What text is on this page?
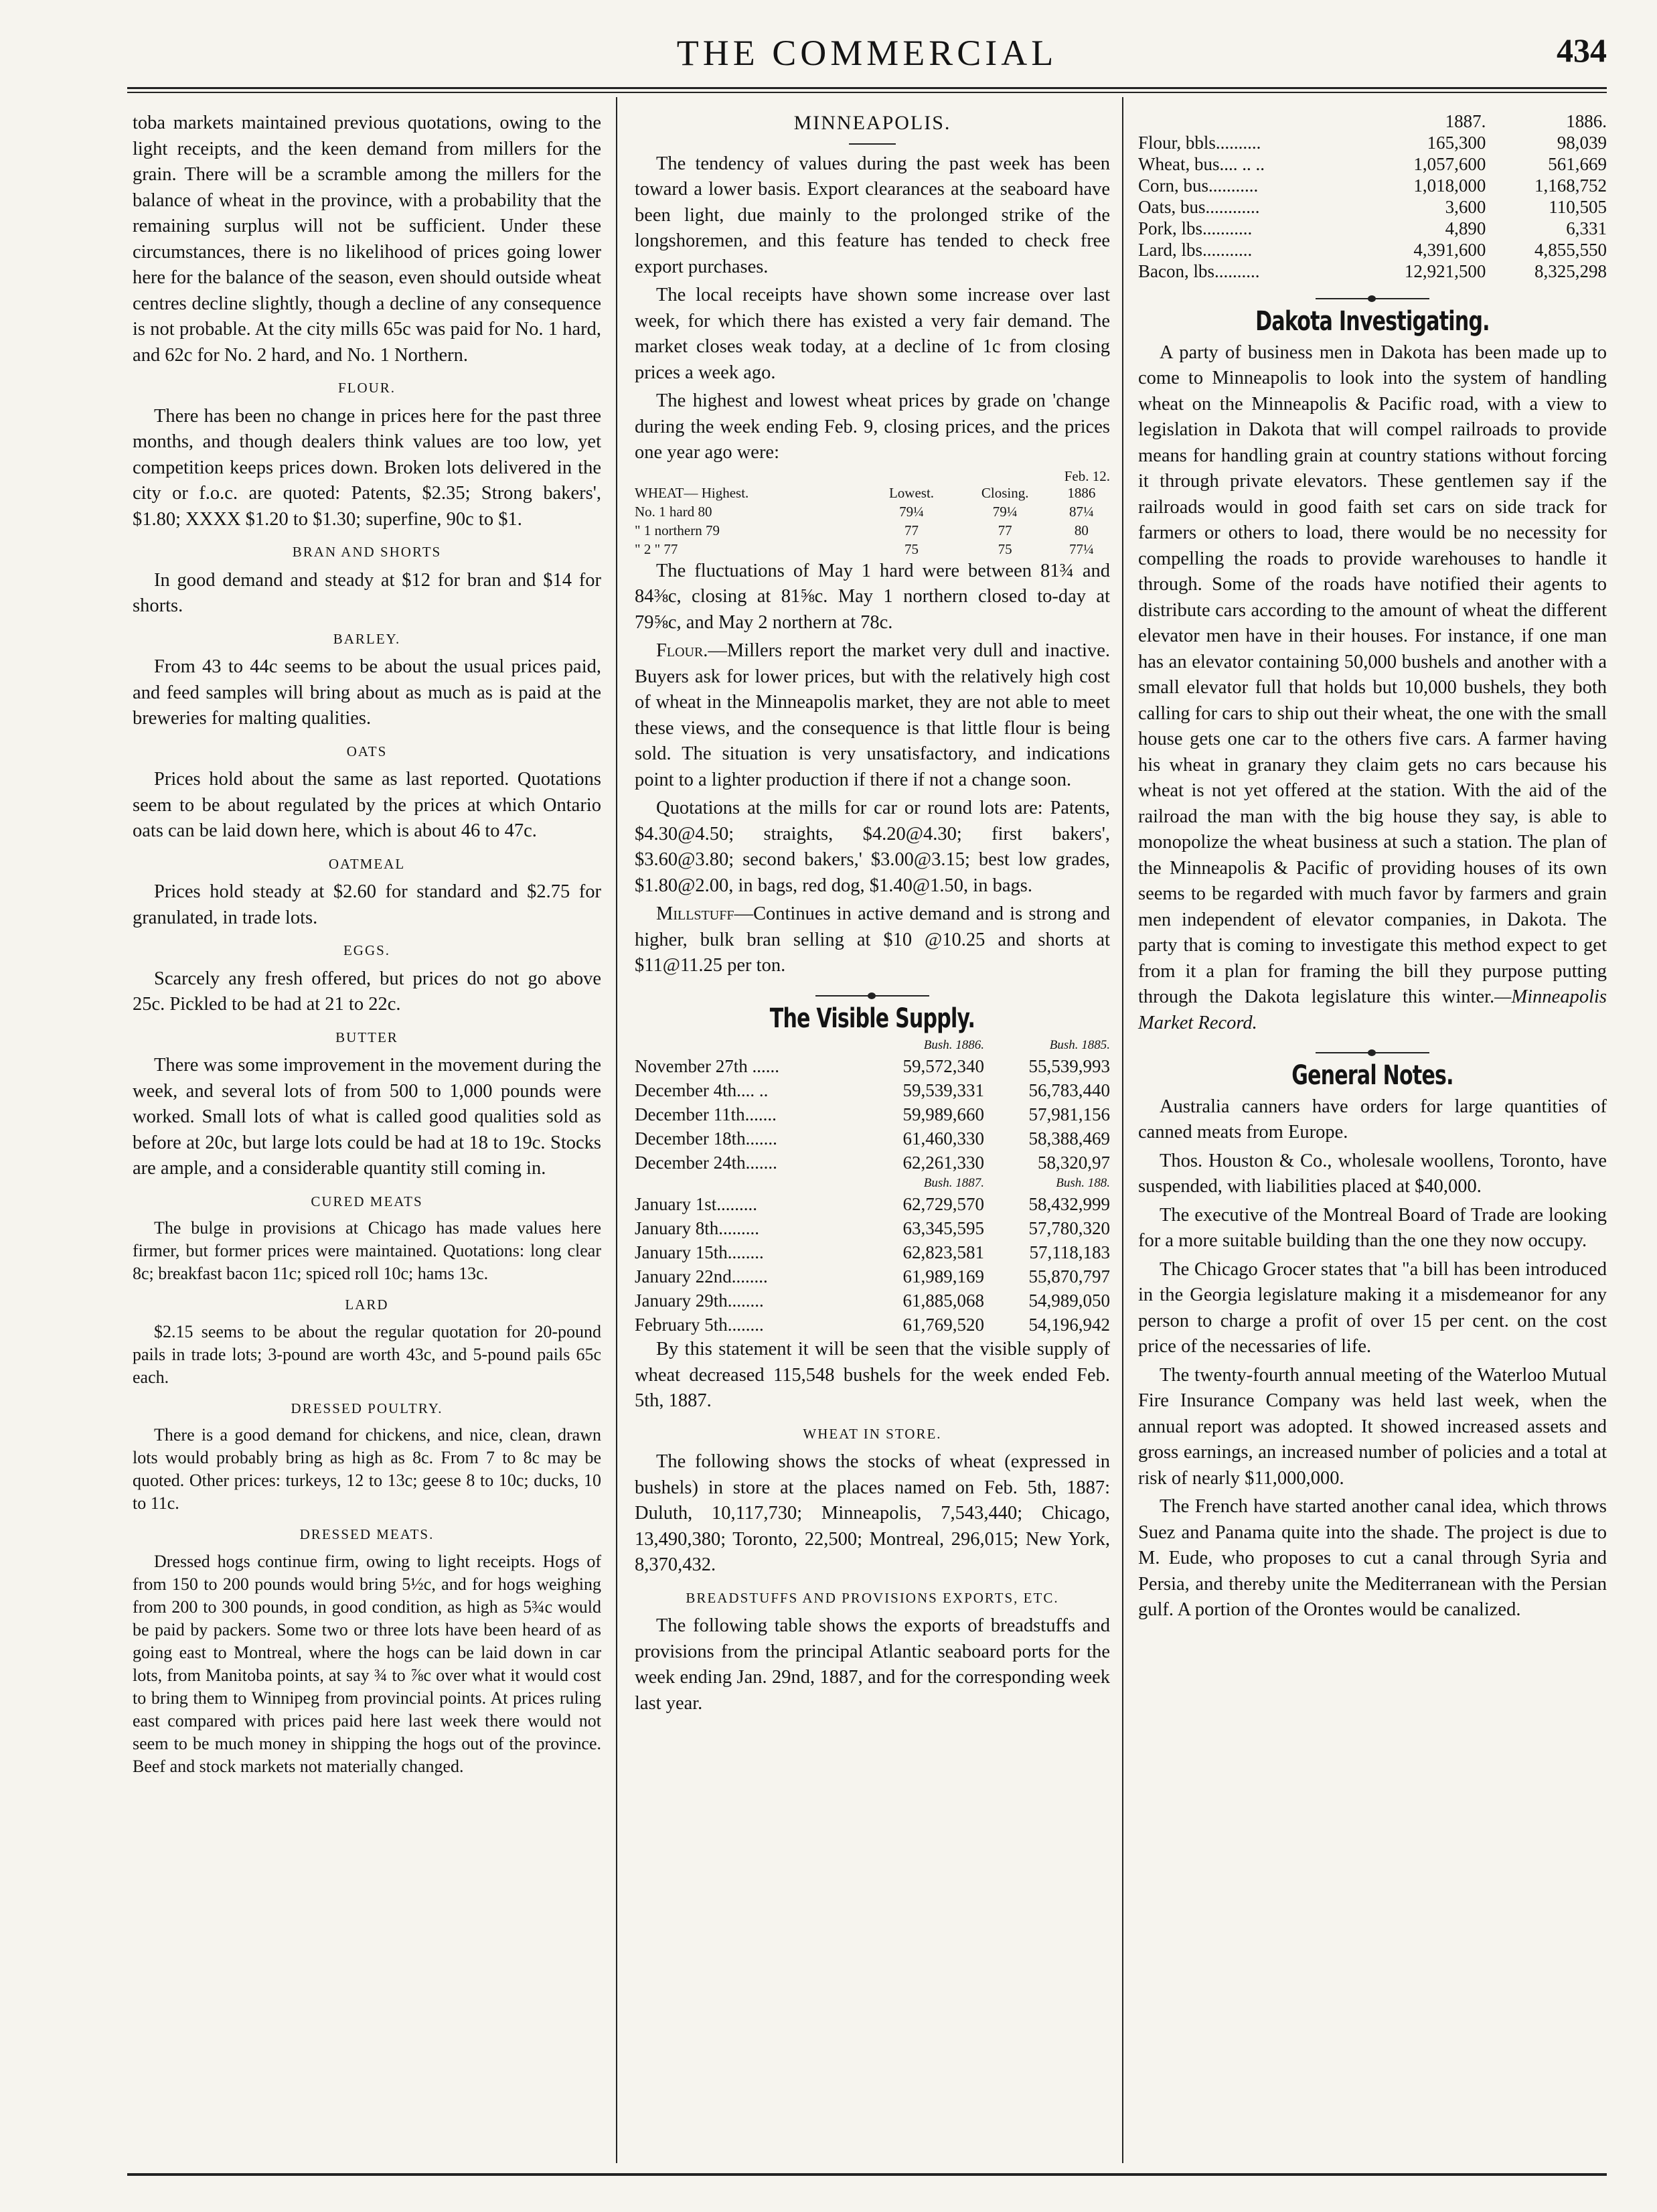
THE COMMERCIAL	434

toba markets maintained previous quotations, owing to the light receipts, and the keen demand from millers for the grain. There will be a scramble among the millers for the balance of wheat in the province, with a probability that the remaining surplus will not be sufficient. Under these circumstances, there is no likelihood of prices going lower here for the balance of the season, even should outside wheat centres decline slightly, though a decline of any consequence is not probable. At the city mills 65c was paid for No. 1 hard, and 62c for No. 2 hard, and No. 1 Northern.

FLOUR.

There has been no change in prices here for the past three months, and though dealers think values are too low, yet competition keeps prices down. Broken lots delivered in the city or f.o.c. are quoted: Patents, $2.35; Strong bakers', $1.80; XXXX $1.20 to $1.30; superfine, 90c to $1.

BRAN AND SHORTS

In good demand and steady at $12 for bran and $14 for shorts.

BARLEY.

From 43 to 44c seems to be about the usual prices paid, and feed samples will bring about as much as is paid at the breweries for malting qualities.

OATS

Prices hold about the same as last reported. Quotations seem to be about regulated by the prices at which Ontario oats can be laid down here, which is about 46 to 47c.

OATMEAL

Prices hold steady at $2.60 for standard and $2.75 for granulated, in trade lots.

EGGS.

Scarcely any fresh offered, but prices do not go above 25c. Pickled to be had at 21 to 22c.

BUTTER

There was some improvement in the movement during the week, and several lots of from 500 to 1,000 pounds were worked. Small lots of what is called good qualities sold as before at 20c, but large lots could be had at 18 to 19c. Stocks are ample, and a considerable quantity still coming in.

CURED MEATS

The bulge in provisions at Chicago has made values here firmer, but former prices were maintained. Quotations: long clear 8c; breakfast bacon 11c; spiced roll 10c; hams 13c.

LARD

$2.15 seems to be about the regular quotation for 20-pound pails in trade lots; 3-pound are worth 43c, and 5-pound pails 65c each.

DRESSED POULTRY.

There is a good demand for chickens, and nice, clean, drawn lots would probably bring as high as 8c. From 7 to 8c may be quoted. Other prices: turkeys, 12 to 13c; geese 8 to 10c; ducks, 10 to 11c.

DRESSED MEATS.

Dressed hogs continue firm, owing to light receipts. Hogs of from 150 to 200 pounds would bring 5½c, and for hogs weighing from 200 to 300 pounds, in good condition, as high as 5¾c would be paid by packers. Some two or three lots have been heard of as going east to Montreal, where the hogs can be laid down in car lots, from Manitoba points, at say ¾ to ⅞c over what it would cost to bring them to Winnipeg from provincial points. At prices ruling east compared with prices paid here last week there would not seem to be much money in shipping the hogs out of the province. Beef and stock markets not materially changed.

MINNEAPOLIS.

The tendency of values during the past week has been toward a lower basis. Export clearances at the seaboard have been light, due mainly to the prolonged strike of the longshoremen, and this feature has tended to check free export purchases.

The local receipts have shown some increase over last week, for which there has existed a very fair demand. The market closes weak today, at a decline of 1c from closing prices a week ago.

The highest and lowest wheat prices by grade on 'change during the week ending Feb. 9, closing prices, and the prices one year ago were:

Feb. 12.
WHEAT— Highest.	Lowest.	Closing.	1886
No. 1 hard 80	79¼	79¼	87¼
" 1 northern 79	77	77	80
" 2 " 77	75	75	77¼

The fluctuations of May 1 hard were between 81¾ and 84⅜c, closing at 81⅝c. May 1 northern closed to-day at 79⅝c, and May 2 northern at 78c.

Flour.—Millers report the market very dull and inactive. Buyers ask for lower prices, but with the relatively high cost of wheat in the Minneapolis market, they are not able to meet these views, and the consequence is that little flour is being sold. The situation is very unsatisfactory, and indications point to a lighter production if there if not a change soon.

Quotations at the mills for car or round lots are: Patents, $4.30@4.50; straights, $4.20@4.30; first bakers', $3.60@3.80; second bakers,' $3.00@3.15; best low grades, $1.80@2.00, in bags, red dog, $1.40@1.50, in bags.

Millstuff—Continues in active demand and is strong and higher, bulk bran selling at $10 @10.25 and shorts at $11@11.25 per ton.

The Visible Supply.
	Bush. 1886.	Bush. 1885.
November 27th ......	59,572,340	55,539,993
December 4th.... ..	59,539,331	56,783,440
December 11th.......	59,989,660	57,981,156
December 18th.......	61,460,330	58,388,469
December 24th.......	62,261,330	58,320,97
	Bush. 1887.	Bush. 188.
January 1st.........	62,729,570	58,432,999
January 8th.........	63,345,595	57,780,320
January 15th........	62,823,581	57,118,183
January 22nd........	61,989,169	55,870,797
January 29th........	61,885,068	54,989,050
February 5th........	61,769,520	54,196,942

By this statement it will be seen that the visible supply of wheat decreased 115,548 bushels for the week ended Feb. 5th, 1887.

WHEAT IN STORE.

The following shows the stocks of wheat (expressed in bushels) in store at the places named on Feb. 5th, 1887: Duluth, 10,117,730; Minneapolis, 7,543,440; Chicago, 13,490,380; Toronto, 22,500; Montreal, 296,015; New York, 8,370,432.

BREADSTUFFS AND PROVISIONS EXPORTS, ETC.

The following table shows the exports of breadstuffs and provisions from the principal Atlantic seaboard ports for the week ending Jan. 29nd, 1887, and for the corresponding week last year.

	1887.	1886.
Flour, bbls..........	165,300	98,039
Wheat, bus.... .. ..	1,057,600	561,669
Corn, bus...........	1,018,000	1,168,752
Oats, bus............	3,600	110,505
Pork, lbs...........	4,890	6,331
Lard, lbs...........	4,391,600	4,855,550
Bacon, lbs..........	12,921,500	8,325,298
Dakota Investigating.

A party of business men in Dakota has been made up to come to Minneapolis to look into the system of handling wheat on the Minneapolis & Pacific road, with a view to legislation in Dakota that will compel railroads to provide means for handling grain at country stations without forcing it through private elevators. These gentlemen say if the railroads would in good faith set cars on side track for farmers or others to load, there would be no necessity for compelling the roads to provide warehouses to handle it through. Some of the roads have notified their agents to distribute cars according to the amount of wheat the different elevator men have in their houses. For instance, if one man has an elevator containing 50,000 bushels and another with a small elevator full that holds but 10,000 bushels, they both calling for cars to ship out their wheat, the one with the small house gets one car to the others five cars. A farmer having his wheat in granary they claim gets no cars because his wheat is not yet offered at the station. With the aid of the railroad the man with the big house they say, is able to monopolize the wheat business at such a station. The plan of the Minneapolis & Pacific of providing houses of its own seems to be regarded with much favor by farmers and grain men independent of elevator companies, in Dakota. The party that is coming to investigate this method expect to get from it a plan for framing the bill they purpose putting through the Dakota legislature this winter.—Minneapolis Market Record.

General Notes.

Australia canners have orders for large quantities of canned meats from Europe.

Thos. Houston & Co., wholesale woollens, Toronto, have suspended, with liabilities placed at $40,000.

The executive of the Montreal Board of Trade are looking for a more suitable building than the one they now occupy.

The Chicago Grocer states that "a bill has been introduced in the Georgia legislature making it a misdemeanor for any person to charge a profit of over 15 per cent. on the cost price of the necessaries of life.

The twenty-fourth annual meeting of the Waterloo Mutual Fire Insurance Company was held last week, when the annual report was adopted. It showed increased assets and gross earnings, an increased number of policies and a total at risk of nearly $11,000,000.

The French have started another canal idea, which throws Suez and Panama quite into the shade. The project is due to M. Eude, who proposes to cut a canal through Syria and Persia, and thereby unite the Mediterranean with the Persian gulf. A portion of the Orontes would be canalized.
